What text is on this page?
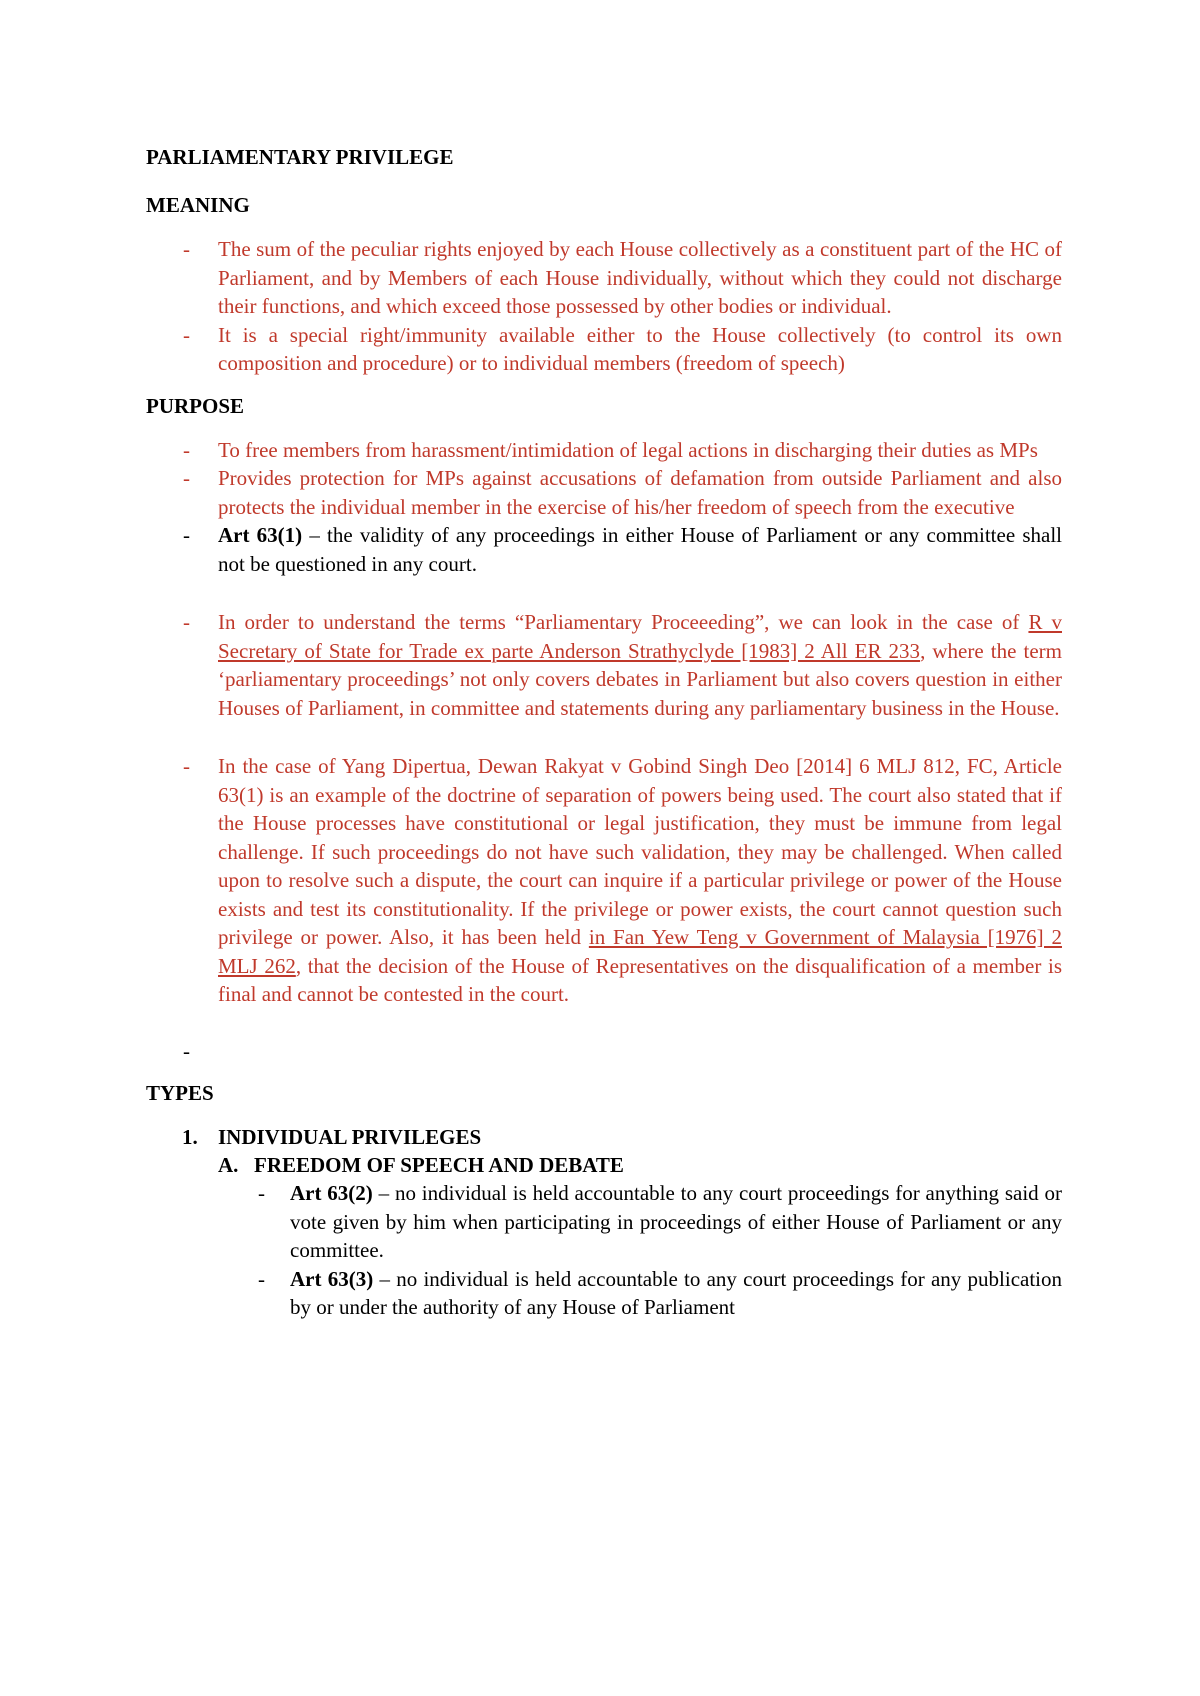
PARLIAMENTARY PRIVILEGE

MEANING

- The sum of the peculiar rights enjoyed by each House collectively as a constituent part of the HC of Parliament, and by Members of each House individually, without which they could not discharge their functions, and which exceed those possessed by other bodies or individual.
- It is a special right/immunity available either to the House collectively (to control its own composition and procedure) or to individual members (freedom of speech)

PURPOSE

- To free members from harassment/intimidation of legal actions in discharging their duties as MPs
- Provides protection for MPs against accusations of defamation from outside Parliament and also protects the individual member in the exercise of his/her freedom of speech from the executive
- Art 63(1) – the validity of any proceedings in either House of Parliament or any committee shall not be questioned in any court.
- In order to understand the terms “Parliamentary Proceeeding”, we can look in the case of R v Secretary of State for Trade ex parte Anderson Strathyclyde [1983] 2 All ER 233, where the term ‘parliamentary proceedings’ not only covers debates in Parliament but also covers question in either Houses of Parliament, in committee and statements during any parliamentary business in the House.
- In the case of Yang Dipertua, Dewan Rakyat v Gobind Singh Deo [2014] 6 MLJ 812, FC, Article 63(1) is an example of the doctrine of separation of powers being used. The court also stated that if the House processes have constitutional or legal justification, they must be immune from legal challenge. If such proceedings do not have such validation, they may be challenged. When called upon to resolve such a dispute, the court can inquire if a particular privilege or power of the House exists and test its constitutionality. If the privilege or power exists, the court cannot question such privilege or power. Also, it has been held in Fan Yew Teng v Government of Malaysia [1976] 2 MLJ 262, that the decision of the House of Representatives on the disqualification of a member is final and cannot be contested in the court.
-

TYPES

1. INDIVIDUAL PRIVILEGES

A. FREEDOM OF SPEECH AND DEBATE

- Art 63(2) – no individual is held accountable to any court proceedings for anything said or vote given by him when participating in proceedings of either House of Parliament or any committee.
- Art 63(3) – no individual is held accountable to any court proceedings for any publication by or under the authority of any House of Parliament
